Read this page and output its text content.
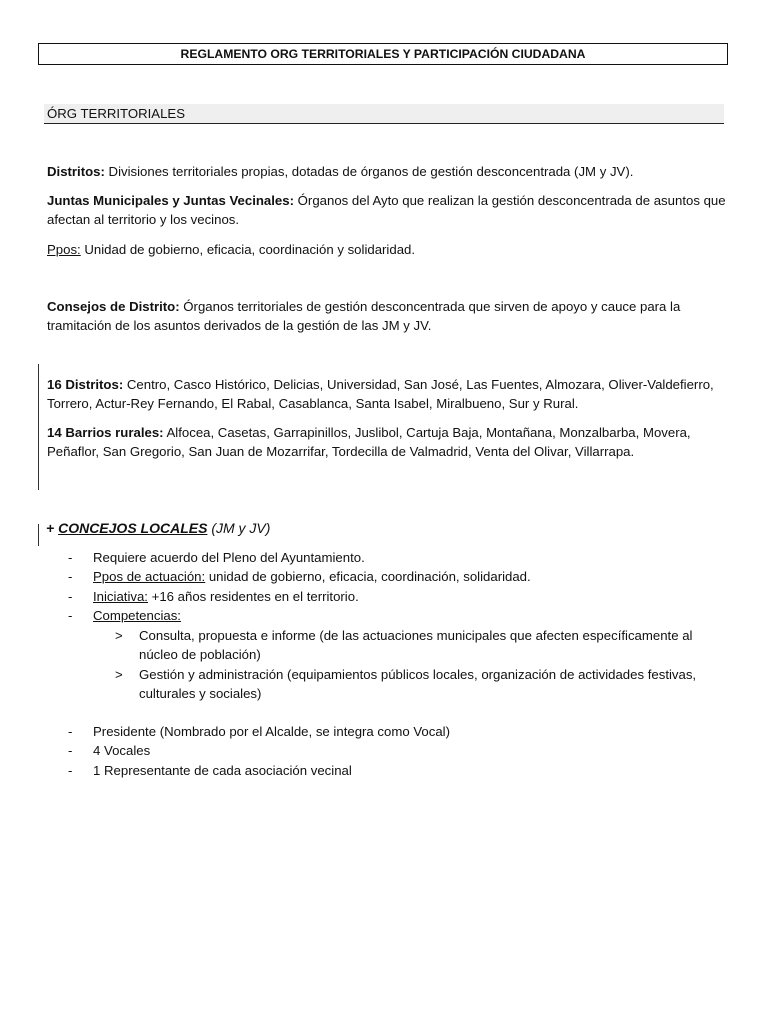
REGLAMENTO ORG TERRITORIALES Y PARTICIPACIÓN CIUDADANA
ÓRG TERRITORIALES

Distritos: Divisiones territoriales propias, dotadas de órganos de gestión desconcentrada (JM y JV).

Juntas Municipales y Juntas Vecinales: Órganos del Ayto que realizan la gestión desconcentrada de asuntos que afectan al territorio y los vecinos.

Ppos: Unidad de gobierno, eficacia, coordinación y solidaridad.

Consejos de Distrito: Órganos territoriales de gestión desconcentrada que sirven de apoyo y cauce para la tramitación de los asuntos derivados de la gestión de las JM y JV.

16 Distritos: Centro, Casco Histórico, Delicias, Universidad, San José, Las Fuentes, Almozara, Oliver-Valdefierro, Torrero, Actur-Rey Fernando, El Rabal, Casablanca, Santa Isabel, Miralbueno, Sur y Rural.

14 Barrios rurales: Alfocea, Casetas, Garrapinillos, Juslibol, Cartuja Baja, Montañana, Monzalbarba, Movera, Peñaflor, San Gregorio, San Juan de Mozarrifar, Tordecilla de Valmadrid, Venta del Olivar, Villarrapa.

+ CONCEJOS LOCALES (JM y JV)

- Requiere acuerdo del Pleno del Ayuntamiento.
- Ppos de actuación: unidad de gobierno, eficacia, coordinación, solidaridad.
- Iniciativa: +16 años residentes en el territorio.
- Competencias:
> Consulta, propuesta e informe (de las actuaciones municipales que afecten específicamente al núcleo de población)
> Gestión y administración (equipamientos públicos locales, organización de actividades festivas, culturales y sociales)
- Presidente (Nombrado por el Alcalde, se integra como Vocal)
- 4 Vocales
- 1 Representante de cada asociación vecinal
